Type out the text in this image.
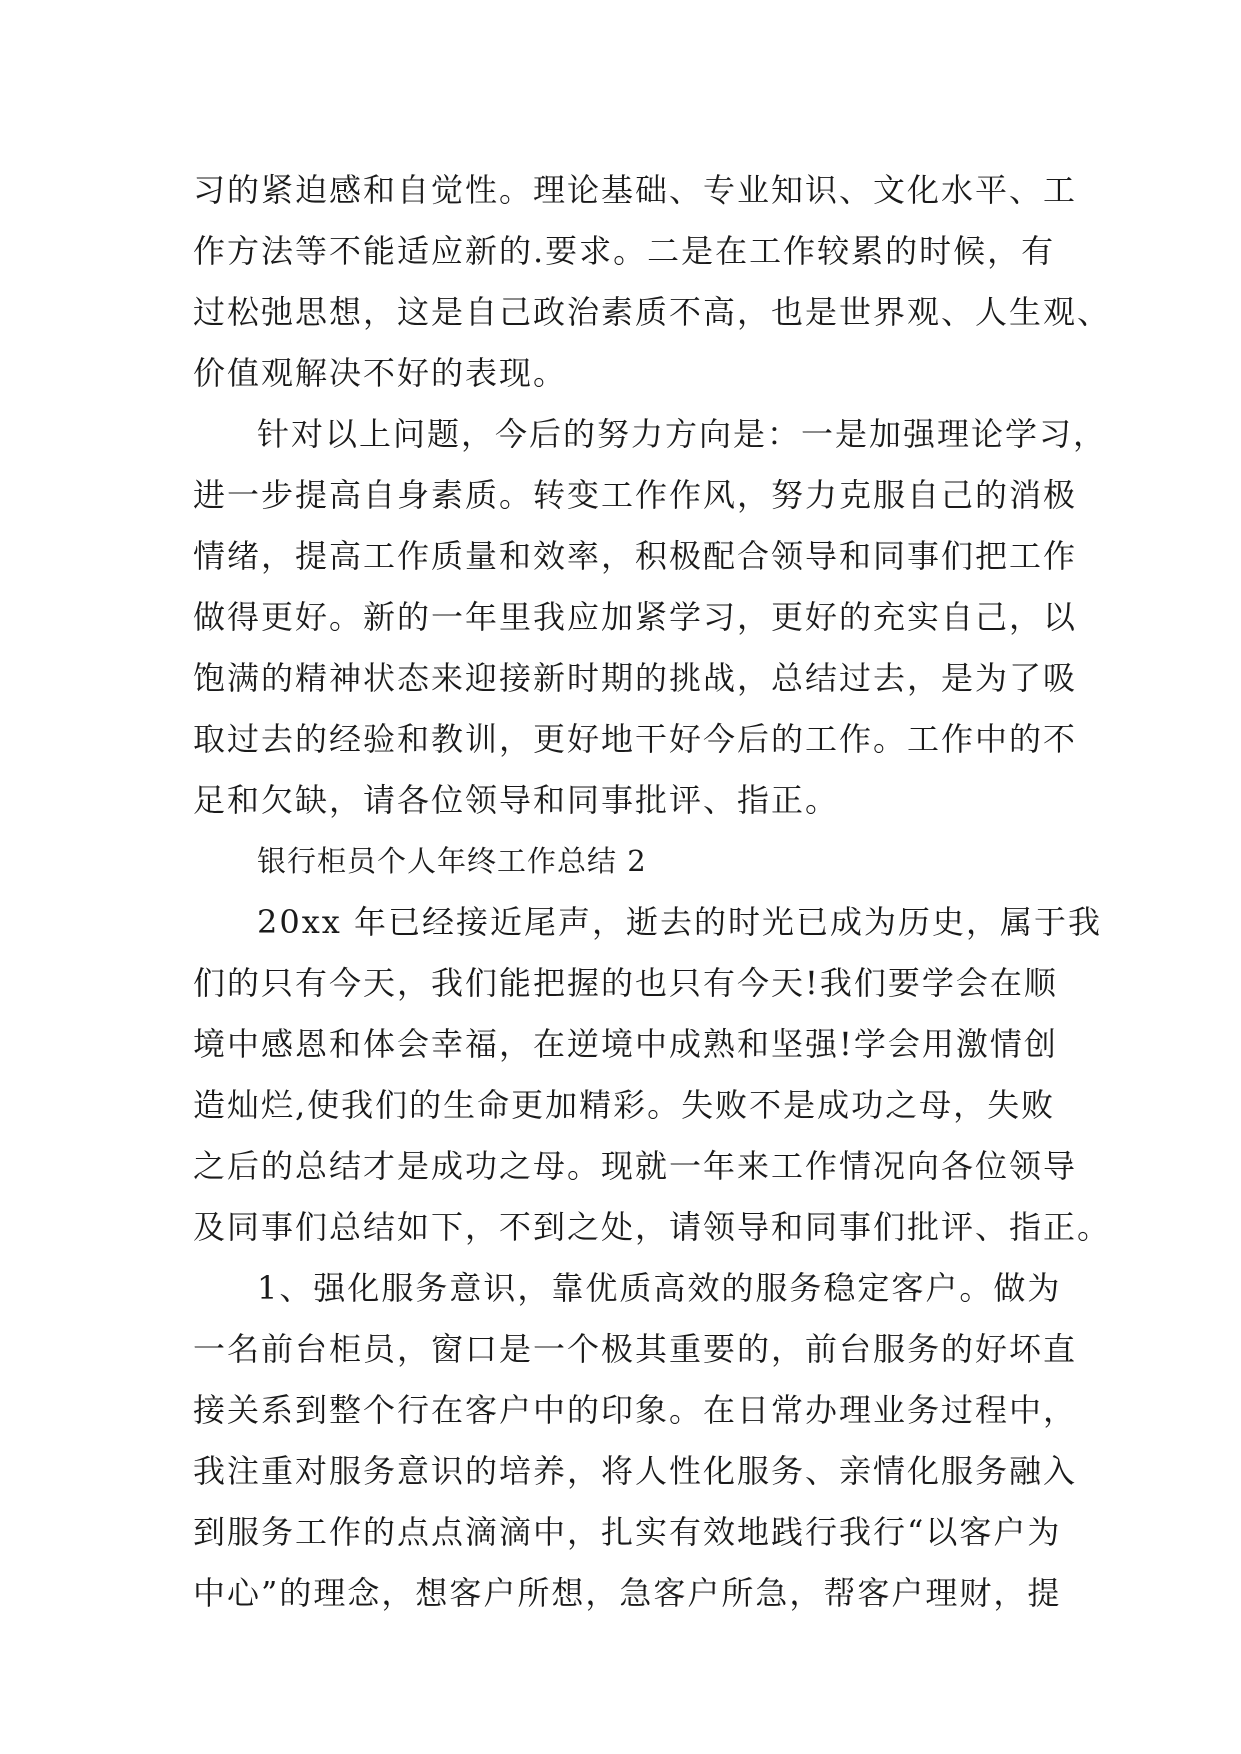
习的紧迫感和自觉性。理论基础、专业知识、文化水平、工
作方法等不能适应新的.要求。二是在工作较累的时候，有
过松弛思想，这是自己政治素质不高，也是世界观、人生观、
价值观解决不好的表现。
针对以上问题，今后的努力方向是：一是加强理论学习，
进一步提高自身素质。转变工作作风，努力克服自己的消极
情绪，提高工作质量和效率，积极配合领导和同事们把工作
做得更好。新的一年里我应加紧学习，更好的充实自己，以
饱满的精神状态来迎接新时期的挑战，总结过去，是为了吸
取过去的经验和教训，更好地干好今后的工作。工作中的不
足和欠缺，请各位领导和同事批评、指正。
银行柜员个人年终工作总结 2
20xx 年已经接近尾声，逝去的时光已成为历史，属于我
们的只有今天，我们能把握的也只有今天!我们要学会在顺
境中感恩和体会幸福，在逆境中成熟和坚强!学会用激情创
造灿烂,使我们的生命更加精彩。失败不是成功之母，失败
之后的总结才是成功之母。现就一年来工作情况向各位领导
及同事们总结如下，不到之处，请领导和同事们批评、指正。
1、强化服务意识，靠优质高效的服务稳定客户。做为
一名前台柜员，窗口是一个极其重要的，前台服务的好坏直
接关系到整个行在客户中的印象。在日常办理业务过程中，
我注重对服务意识的培养，将人性化服务、亲情化服务融入
到服务工作的点点滴滴中，扎实有效地践行我行“以客户为
中心”的理念，想客户所想，急客户所急，帮客户理财，提
